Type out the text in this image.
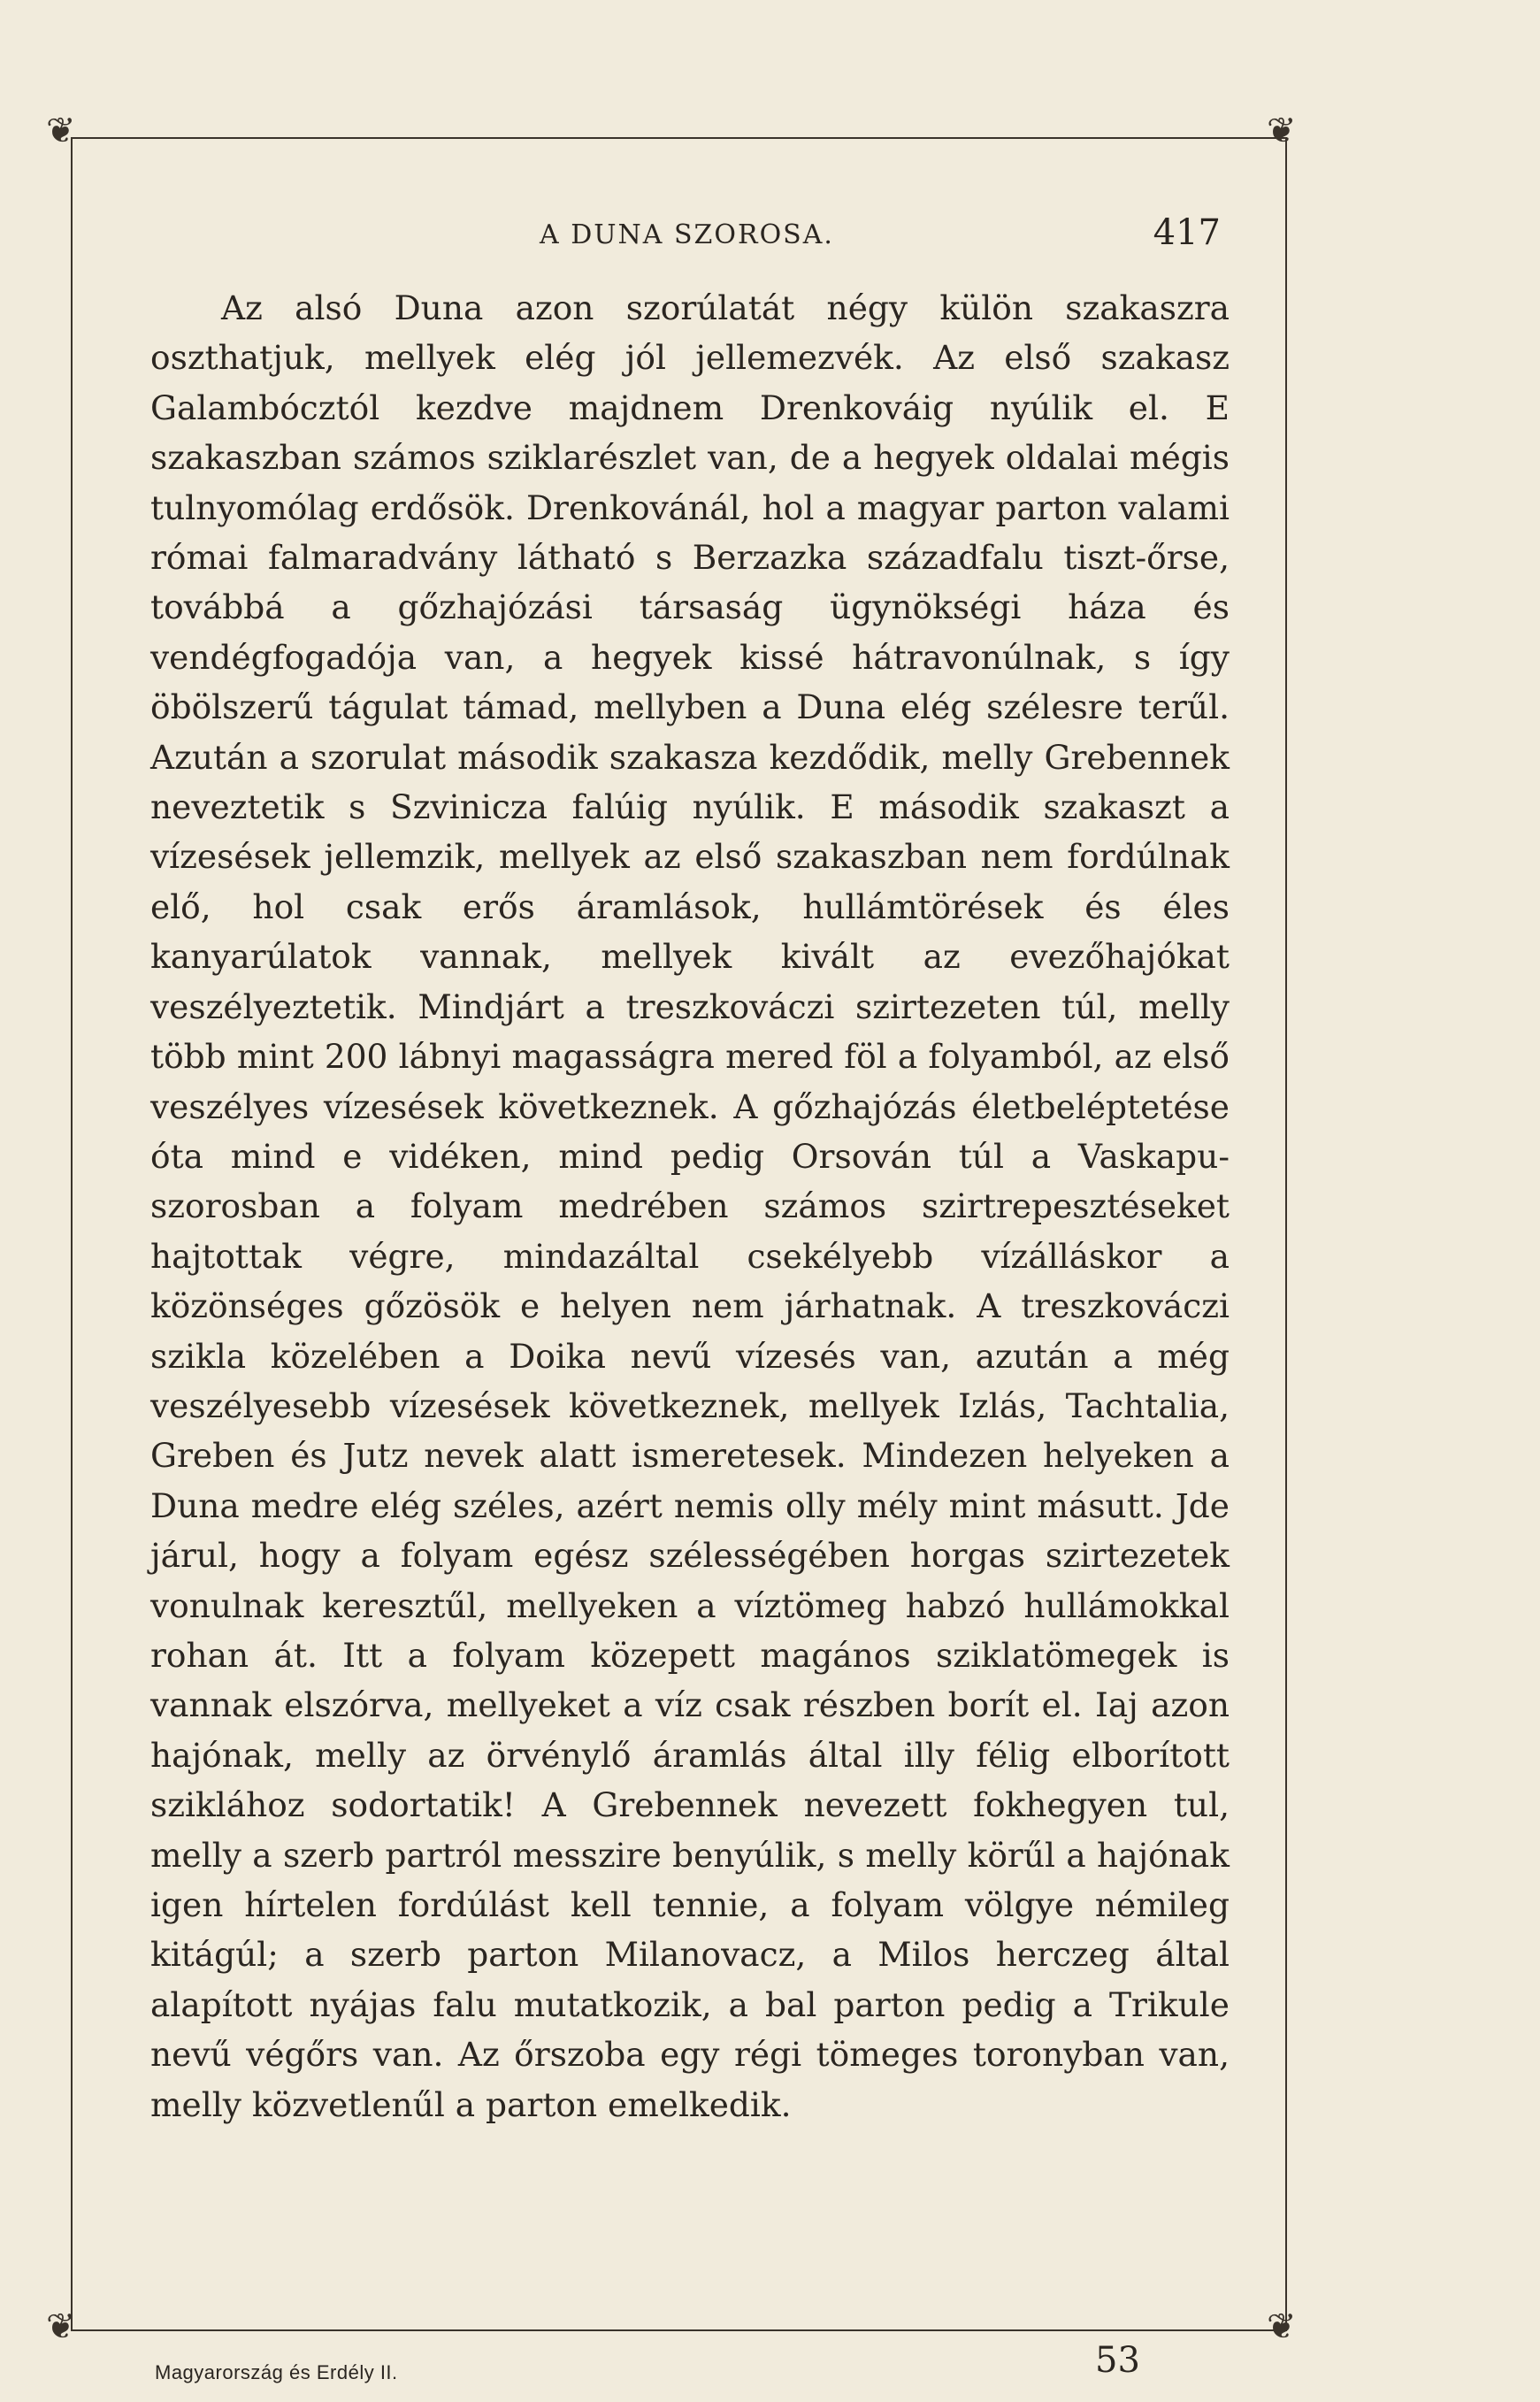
❦	❦
❦	❦
A DUNA SZOROSA.	417

Az alsó Duna azon szorúlatát négy külön szakaszra oszthatjuk, mellyek elég jól jellemezvék. Az első szakasz Galambócztól kezdve majdnem Drenkováig nyúlik el. E szakaszban számos sziklarészlet van, de a hegyek oldalai mégis tulnyomólag erdősök. Drenkovánál, hol a magyar parton valami római falmaradvány látható s Berzazka századfalu tiszt-őrse, továbbá a gőzhajózási társaság ügynökségi háza és vendégfogadója van, a hegyek kissé hátravonúlnak, s így öbölszerű tágulat támad, mellyben a Duna elég szélesre terűl. Azután a szorulat második szakasza kezdődik, melly Grebennek neveztetik s Szvinicza falúig nyúlik. E második szakaszt a vízesések jellemzik, mellyek az első szakaszban nem fordúlnak elő, hol csak erős áramlások, hullámtörések és éles kanyarúlatok vannak, mellyek kivált az evezőhajókat veszélyeztetik. Mindjárt a treszkováczi szirtezeten túl, melly több mint 200 lábnyi magasságra mered föl a folyamból, az első veszélyes vízesések következnek. A gőzhajózás életbeléptetése óta mind e vidéken, mind pedig Orsován túl a Vaskapu-szorosban a folyam medrében számos szirtrepesztéseket hajtottak végre, mindazáltal csekélyebb vízálláskor a közönséges gőzösök e helyen nem járhatnak. A treszkováczi szikla közelében a Doika nevű vízesés van, azután a még veszélyesebb vízesések következnek, mellyek Izlás, Tachtalia, Greben és Jutz nevek alatt ismeretesek. Mindezen helyeken a Duna medre elég széles, azért nemis olly mély mint másutt. Jde járul, hogy a folyam egész szélességében horgas szirtezetek vonulnak keresztűl, mellyeken a víztömeg habzó hullámokkal rohan át. Itt a folyam közepett magános sziklatömegek is vannak elszórva, mellyeket a víz csak részben borít el. Iaj azon hajónak, melly az örvénylő áramlás által illy félig elborított sziklához sodortatik! A Grebennek nevezett fokhegyen tul, melly a szerb partról messzire benyúlik, s melly körűl a hajónak igen hírtelen fordúlást kell tennie, a folyam völgye némileg kitágúl; a szerb parton Milanovacz, a Milos herczeg által alapított nyájas falu mutatkozik, a bal parton pedig a Trikule nevű végőrs van. Az őrszoba egy régi tömeges toronyban van, melly közvetlenűl a parton emelkedik.

Magyarország és Erdély II.	53
